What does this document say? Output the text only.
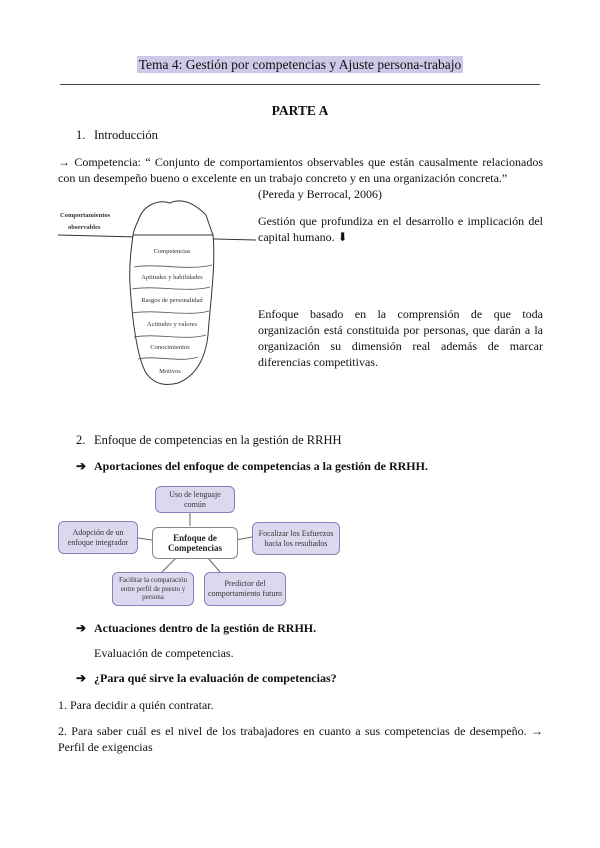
Tema 4: Gestión por competencias y Ajuste persona-trabajo
PARTE A
1. Introducción
→ Competencia: “ Conjunto de comportamientos observables que están causalmente relacionados con un desempeño bueno o excelente en un trabajo concreto y en una organización concreta.”
(Pereda y Berrocal, 2006)
Comportamientos
observables
Competencias
Aptitudes y habilidades
Rasgos de personalidad
Actitudes y valores
Conocimientos
Motivos
Gestión que profundiza en el desarrollo e implicación del capital humano. ⬇
Enfoque basado en la comprensión de que toda organización está constituida por personas, que darán a la organización su dimensión real además de marcar diferencias competitivas.
2. Enfoque de competencias en la gestión de RRHH
➔ Aportaciones del enfoque de competencias a la gestión de RRHH.
Uso de lenguaje común
Adopción de un enfoque integrador	Enfoque de Competencias
Focalizar los Esfuerzos hacia los resultados
Facilitar la comparación entre perfil de puesto y persona
Predictor del comportamiento futuro
➔ Actuaciones dentro de la gestión de RRHH.
Evaluación de competencias.
➔ ¿Para qué sirve la evaluación de competencias?
1. Para decidir a quién contratar.
2. Para saber cuál es el nivel de los trabajadores en cuanto a sus competencias de desempeño. → Perfil de exigencias
